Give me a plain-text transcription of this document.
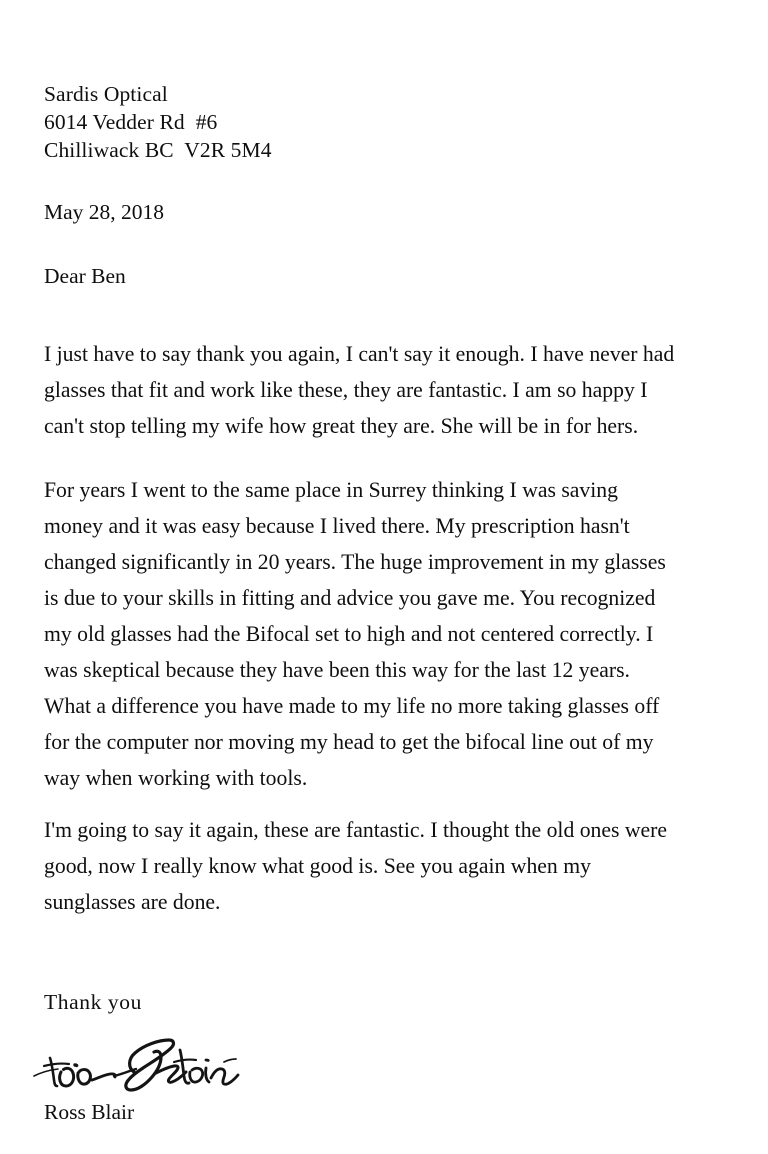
Sardis Optical
6014 Vedder Rd  #6
Chilliwack BC  V2R 5M4
May 28, 2018
Dear Ben
I just have to say thank you again, I can't say it enough. I have never had
glasses that fit and work like these, they are fantastic. I am so happy I
can't stop telling my wife how great they are. She will be in for hers.
For years I went to the same place in Surrey thinking I was saving
money and it was easy because I lived there. My prescription hasn't
changed significantly in 20 years. The huge improvement in my glasses
is due to your skills in fitting and advice you gave me. You recognized
my old glasses had the Bifocal set to high and not centered correctly. I
was skeptical because they have been this way for the last 12 years.
What a difference you have made to my life no more taking glasses off
for the computer nor moving my head to get the bifocal line out of my
way when working with tools.
I'm going to say it again, these are fantastic. I thought the old ones were
good, now I really know what good is. See you again when my
sunglasses are done.
Thank you
Ross Blair
